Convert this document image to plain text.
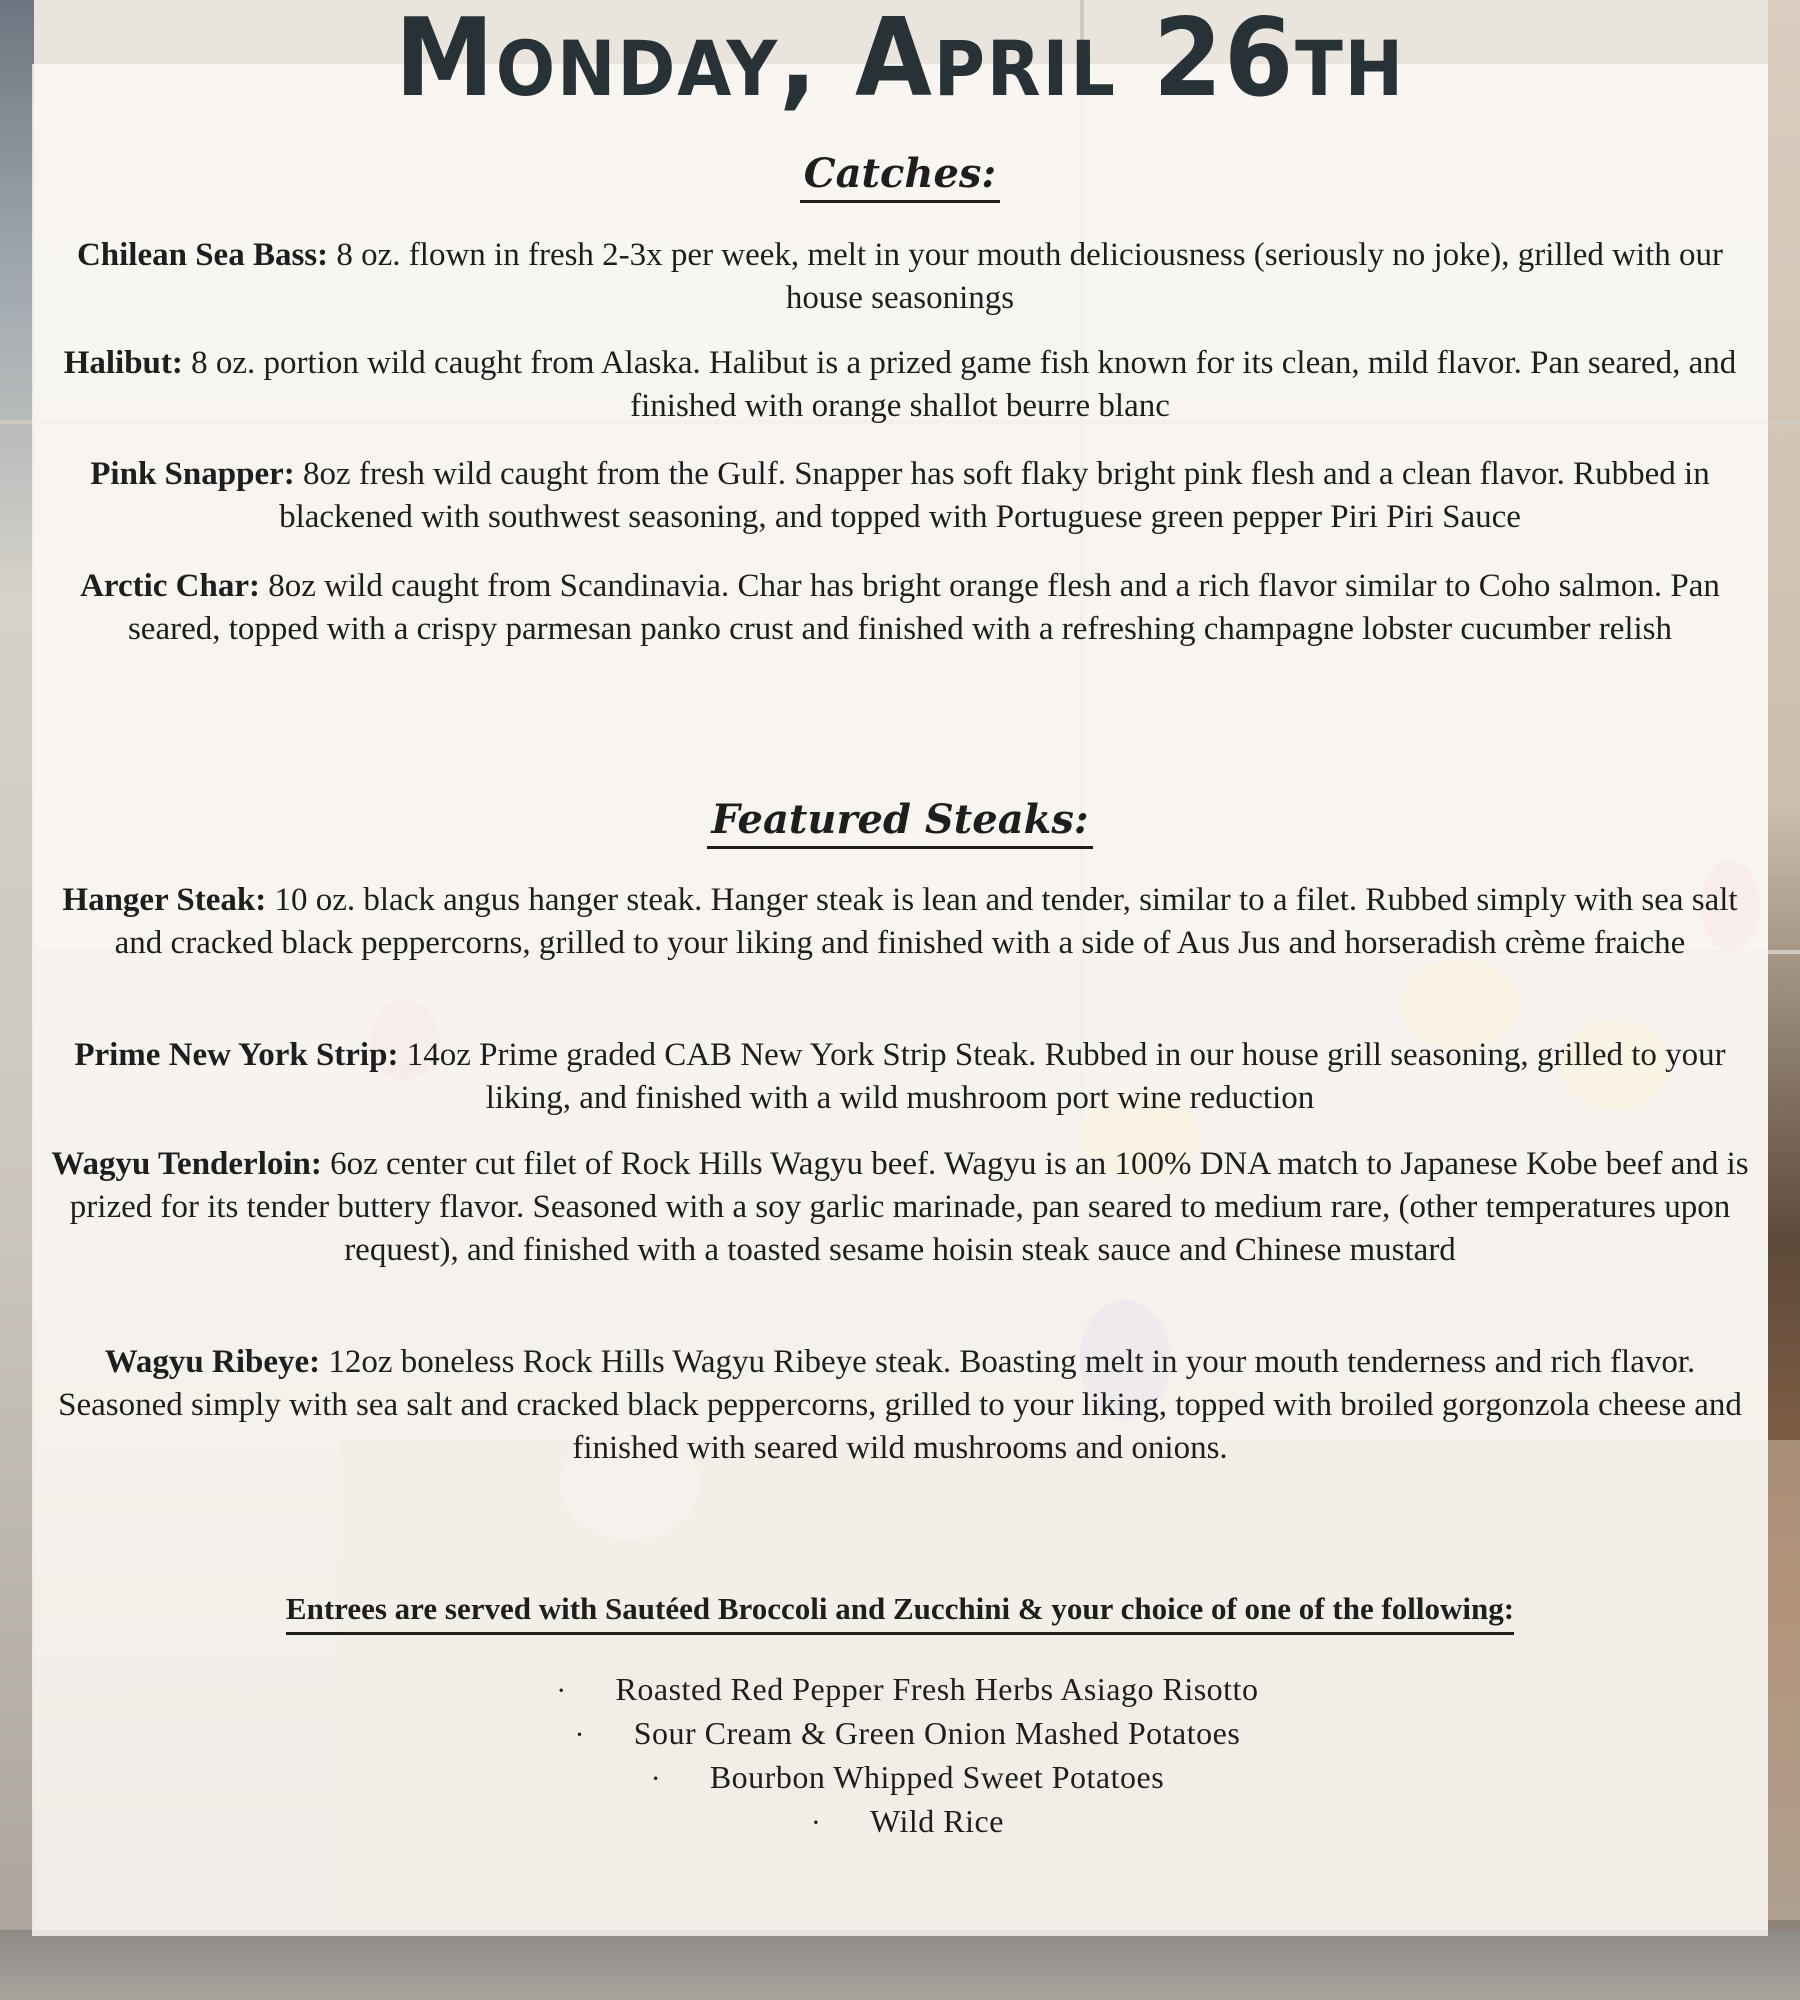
Monday, April 26th
Catches:
Chilean Sea Bass: 8 oz. flown in fresh 2-3x per week, melt in your mouth deliciousness (seriously no joke), grilled with our house seasonings
Halibut: 8 oz. portion wild caught from Alaska. Halibut is a prized game fish known for its clean, mild flavor. Pan seared, and finished with orange shallot beurre blanc
Pink Snapper: 8oz fresh wild caught from the Gulf. Snapper has soft flaky bright pink flesh and a clean flavor. Rubbed in blackened with southwest seasoning, and topped with Portuguese green pepper Piri Piri Sauce
Arctic Char: 8oz wild caught from Scandinavia. Char has bright orange flesh and a rich flavor similar to Coho salmon. Pan seared, topped with a crispy parmesan panko crust and finished with a refreshing champagne lobster cucumber relish
Featured Steaks:
Hanger Steak: 10 oz. black angus hanger steak. Hanger steak is lean and tender, similar to a filet. Rubbed simply with sea salt and cracked black peppercorns, grilled to your liking and finished with a side of Aus Jus and horseradish crème fraiche
Prime New York Strip: 14oz Prime graded CAB New York Strip Steak. Rubbed in our house grill seasoning, grilled to your liking, and finished with a wild mushroom port wine reduction
Wagyu Tenderloin: 6oz center cut filet of Rock Hills Wagyu beef. Wagyu is an 100% DNA match to Japanese Kobe beef and is prized for its tender buttery flavor. Seasoned with a soy garlic marinade, pan seared to medium rare, (other temperatures upon request), and finished with a toasted sesame hoisin steak sauce and Chinese mustard
Wagyu Ribeye: 12oz boneless Rock Hills Wagyu Ribeye steak. Boasting melt in your mouth tenderness and rich flavor. Seasoned simply with sea salt and cracked black peppercorns, grilled to your liking, topped with broiled gorgonzola cheese and finished with seared wild mushrooms and onions.
Entrees are served with Sautéed Broccoli and Zucchini & your choice of one of the following:
· Roasted Red Pepper Fresh Herbs Asiago Risotto
· Sour Cream & Green Onion Mashed Potatoes
· Bourbon Whipped Sweet Potatoes
· Wild Rice
